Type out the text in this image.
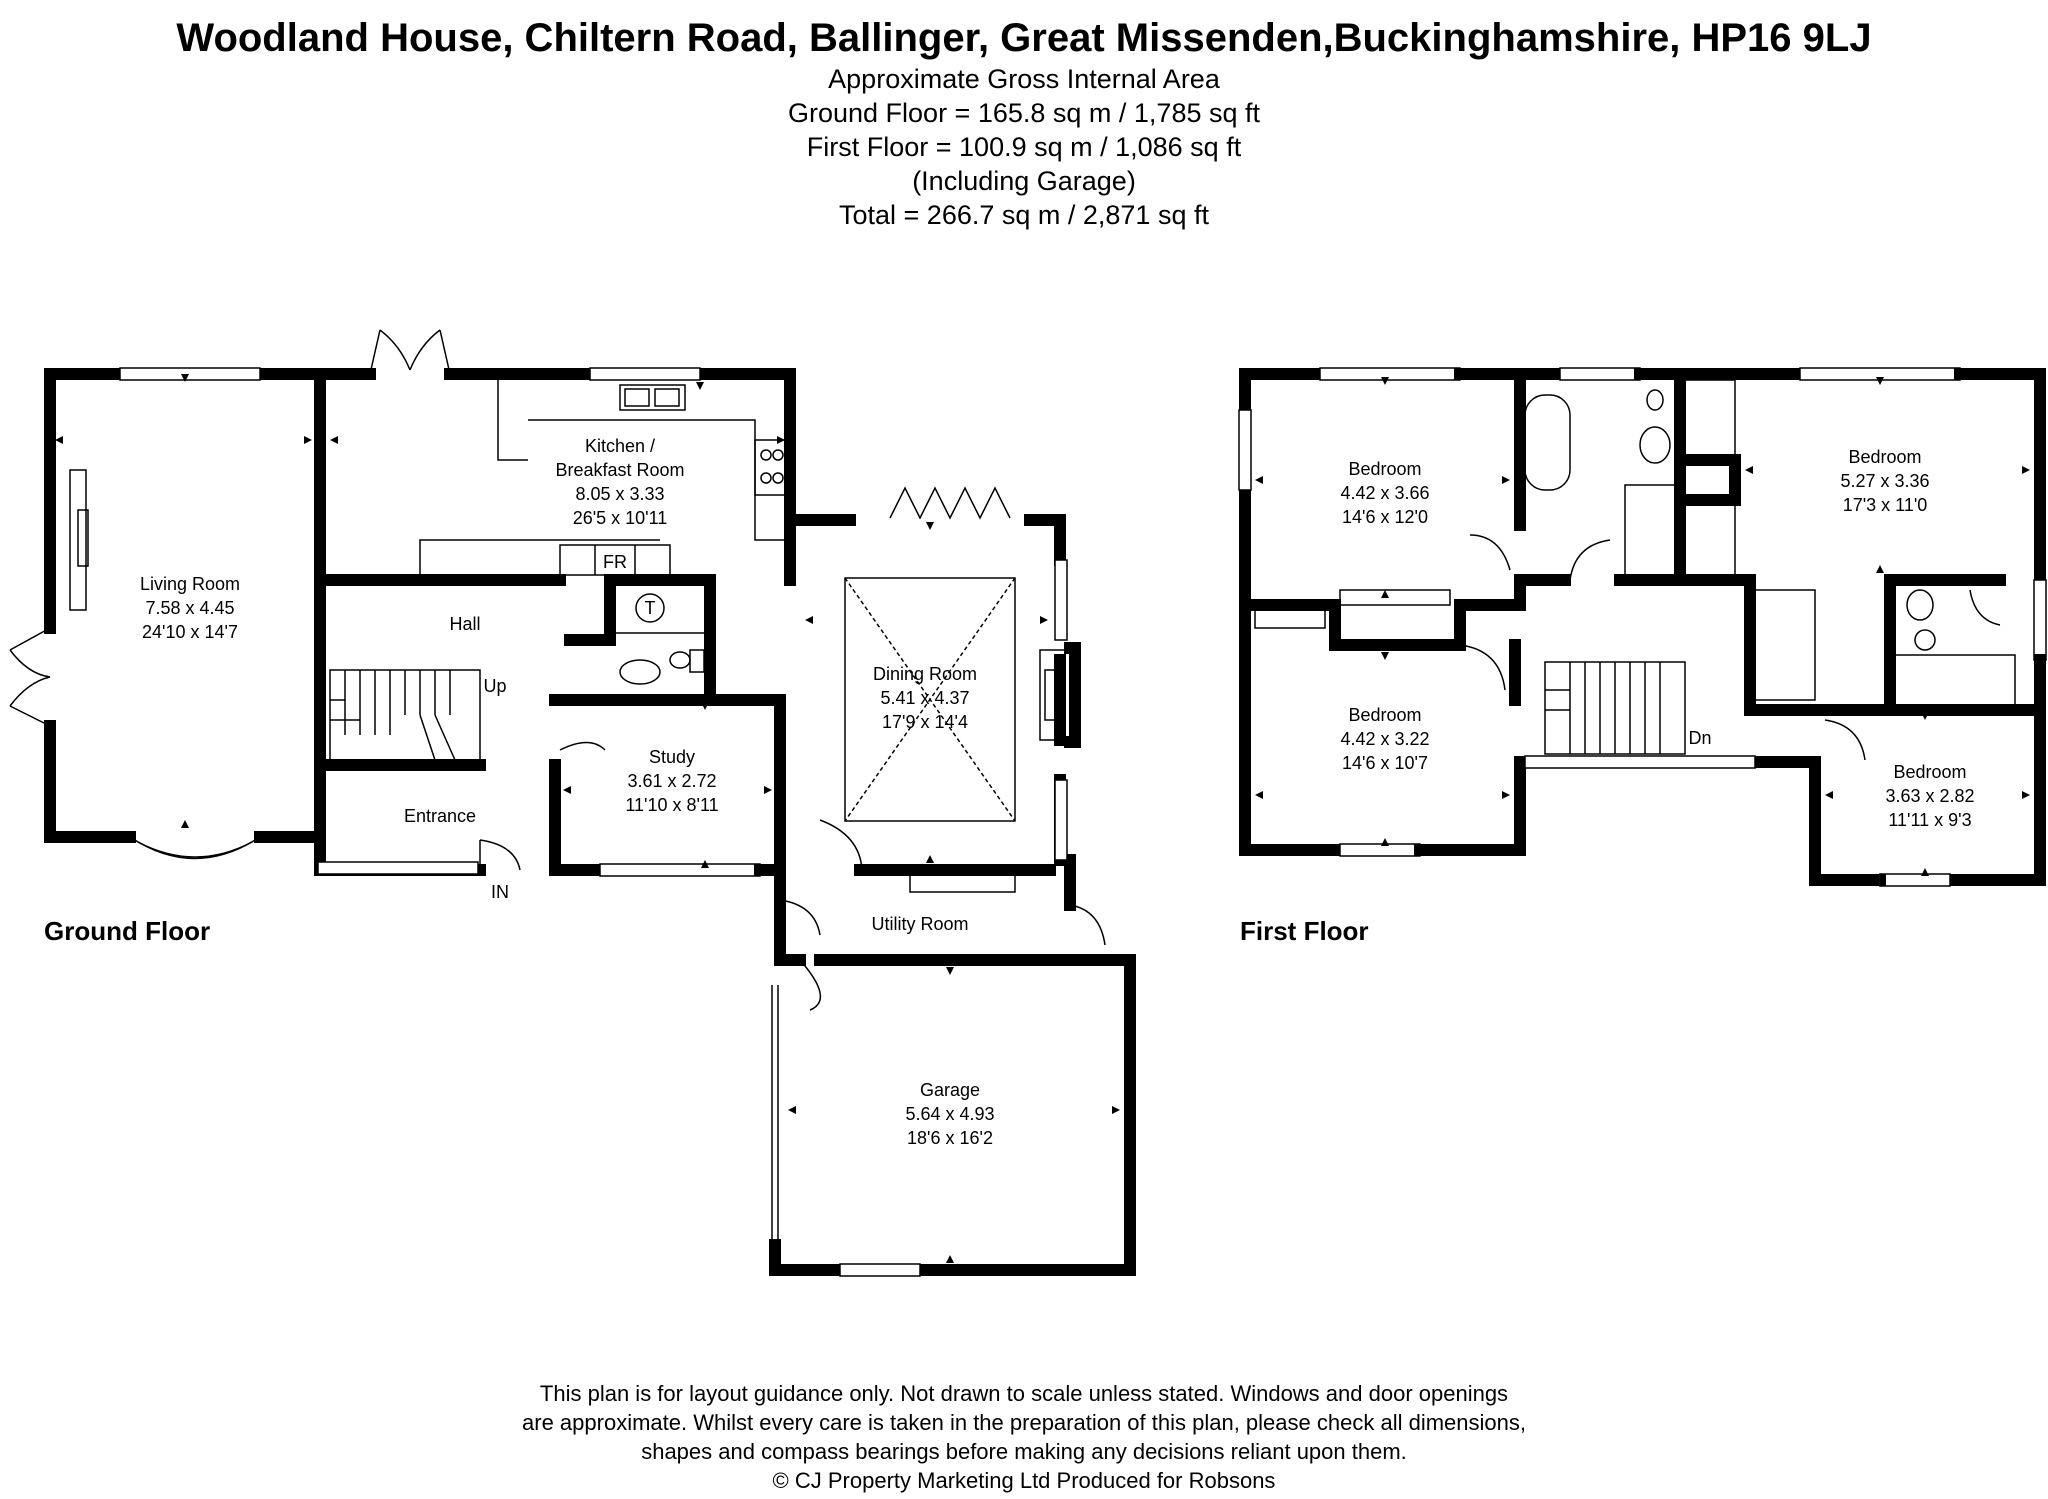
Woodland House, Chiltern Road, Ballinger, Great Missenden,Buckinghamshire, HP16 9LJ
Approximate Gross Internal Area
Ground Floor = 165.8 sq m / 1,785 sq ft
First Floor = 100.9 sq m / 1,086 sq ft
(Including Garage)
Total = 266.7 sq m / 2,871 sq ft
Living Room
7.58 x 4.45
24'10 x 14'7
Kitchen /
Breakfast Room
8.05 x 3.33
26'5 x 10'11
FR
T
Hall
Up
Dining Room
5.41 x 4.37
17'9 x 14'4
Study
3.61 x 2.72
11'10 x 8'11
Entrance
IN
Utility Room
Garage
5.64 x 4.93
18'6 x 16'2
Ground Floor
Bedroom
4.42 x 3.66
14'6 x 12'0
Bedroom
5.27 x 3.36
17'3 x 11'0
Bedroom
4.42 x 3.22
14'6 x 10'7	Bedroom
3.63 x 2.82
11'11 x 9'3
Dn
First Floor
This plan is for layout guidance only. Not drawn to scale unless stated. Windows and door openings
are approximate. Whilst every care is taken in the preparation of this plan, please check all dimensions,
shapes and compass bearings before making any decisions reliant upon them.
© CJ Property Marketing Ltd Produced for Robsons
